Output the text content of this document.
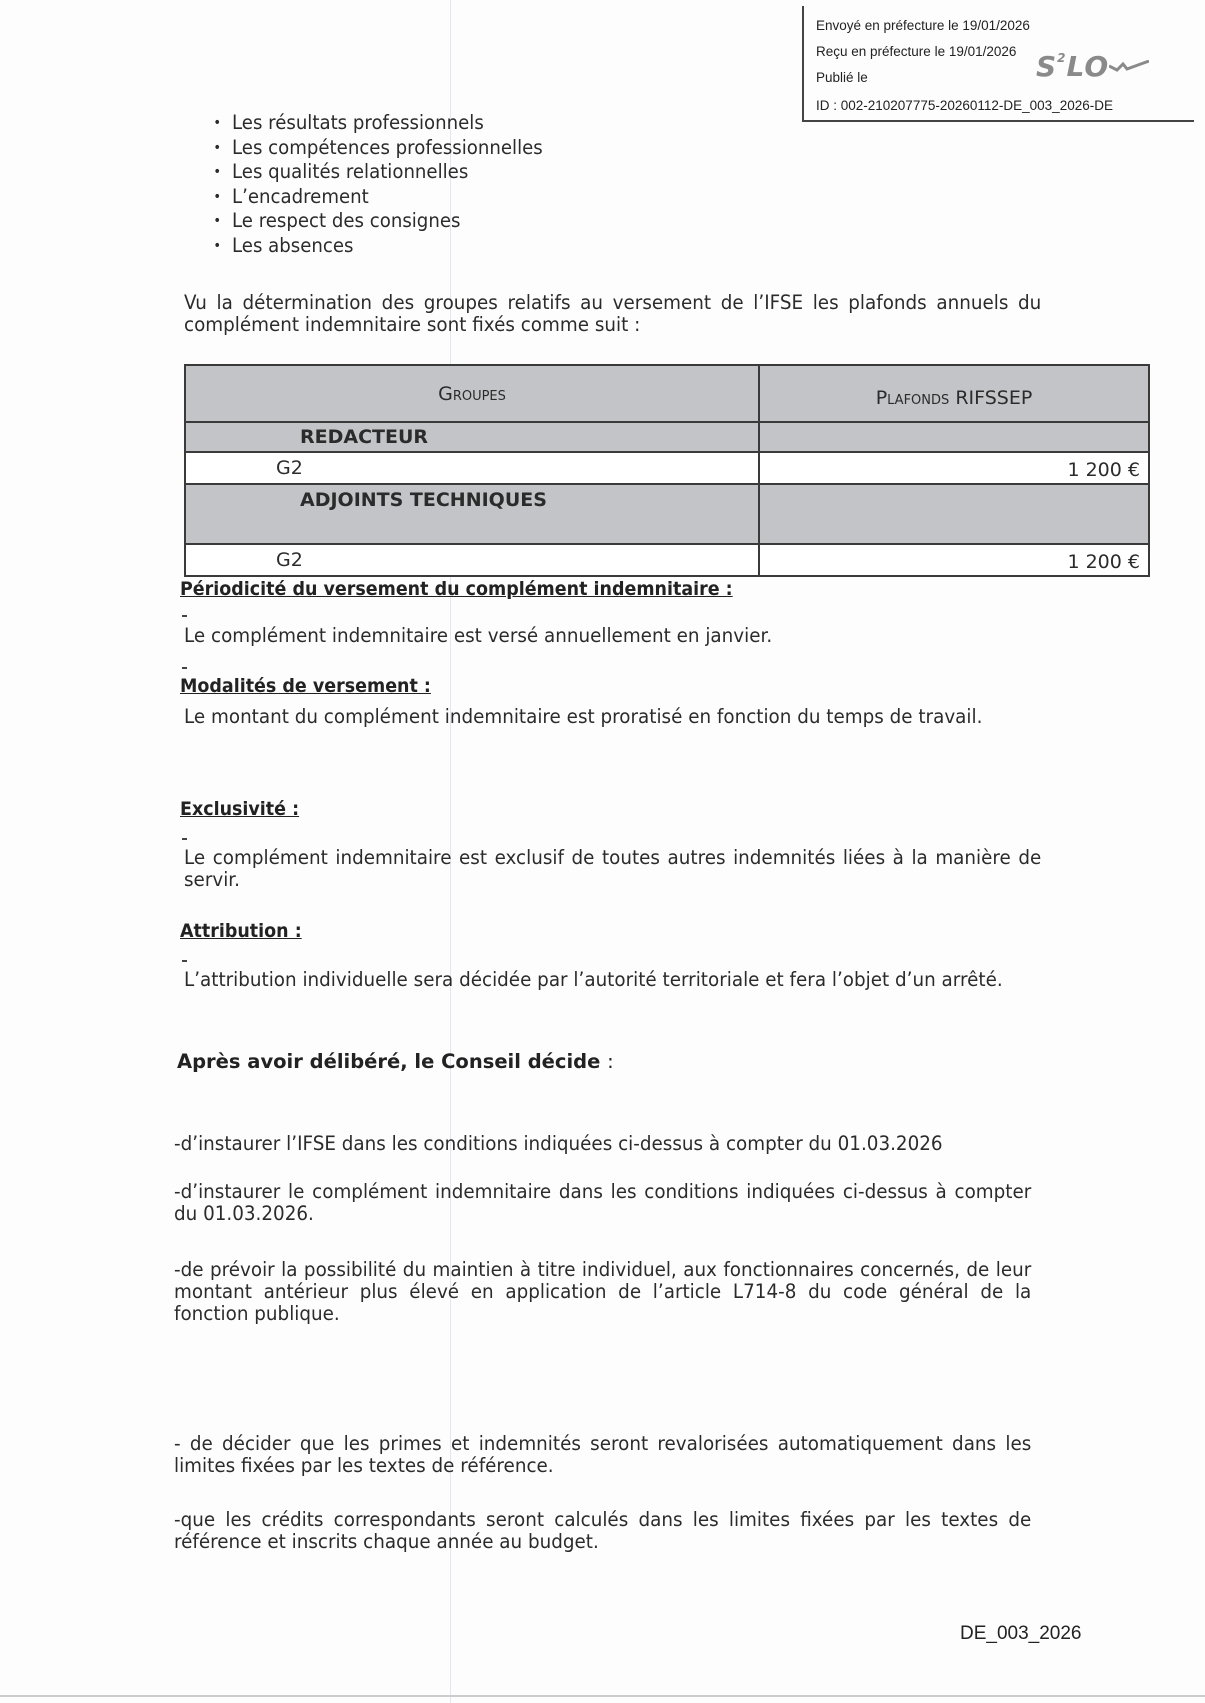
Envoyé en préfecture le 19/01/2026
Reçu en préfecture le 19/01/2026
Publié le
ID : 002-210207775-20260112-DE_003_2026-DE
$S^2LO$
• Les résultats professionnels
• Les compétences professionnelles
• Les qualités relationnelles
• L’encadrement
• Le respect des consignes
• Les absences
Vu la détermination des groupes relatifs au versement de l’IFSE les plafonds annuels du complément indemnitaire sont fixés comme suit :
Groupes	Plafonds RIFSSEP
REDACTEUR	
G2	1 200 €
ADJOINTS TECHNIQUES	
G2	1 200 €
Périodicité du versement du complément indemnitaire :
Le complément indemnitaire est versé annuellement en janvier.
Modalités de versement :
Le montant du complément indemnitaire est proratisé en fonction du temps de travail.
Exclusivité :
Le complément indemnitaire est exclusif de toutes autres indemnités liées à la manière de servir.
Attribution :
L’attribution individuelle sera décidée par l’autorité territoriale et fera l’objet d’un arrêté.
Après avoir délibéré, le Conseil décide :
-d’instaurer l’IFSE dans les conditions indiquées ci-dessus à compter du 01.03.2026
-d’instaurer le complément indemnitaire dans les conditions indiquées ci-dessus à compter du 01.03.2026.
-de prévoir la possibilité du maintien à titre individuel, aux fonctionnaires concernés, de leur montant antérieur plus élevé en application de l’article L714-8 du code général de la fonction publique.
- de décider que les primes et indemnités seront revalorisées automatiquement dans les limites fixées par les textes de référence.
-que les crédits correspondants seront calculés dans les limites fixées par les textes de référence et inscrits chaque année au budget.
DE_003_2026
